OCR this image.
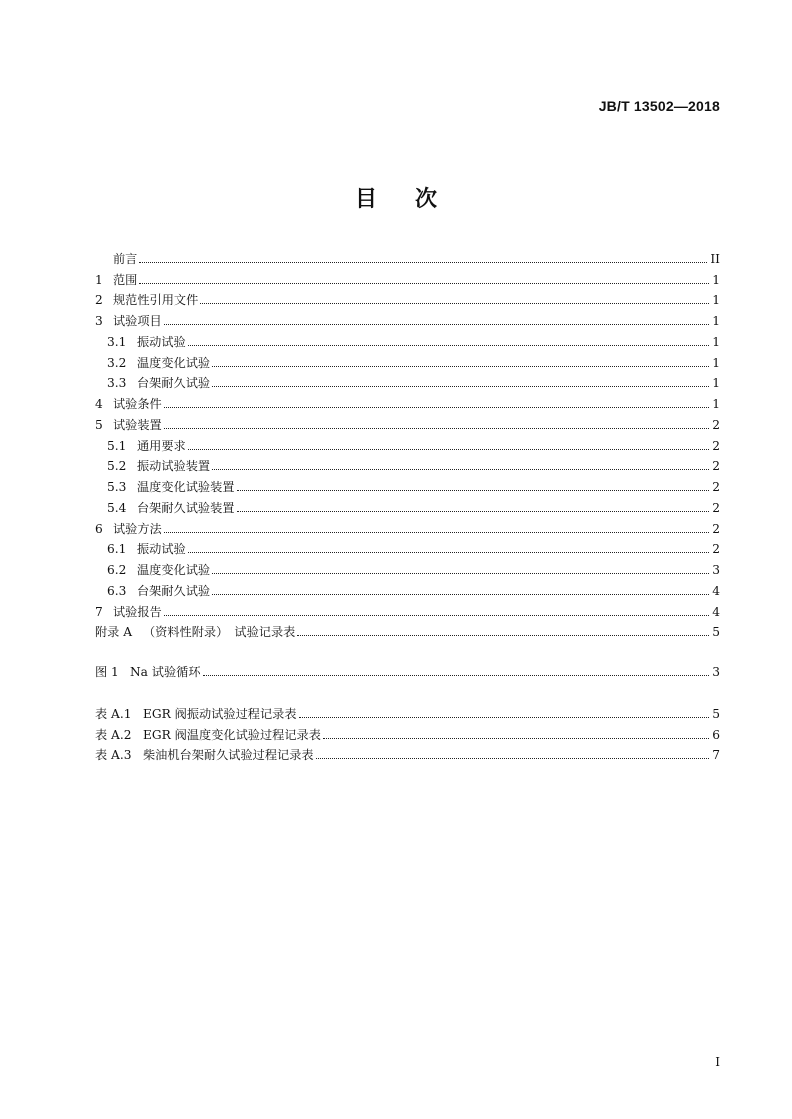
JB/T 13502—2018
目 次
前言	II
1 范围	1
2 规范性引用文件	1
3 试验项目	1
3.1 振动试验	1
3.2 温度变化试验	1
3.3 台架耐久试验	1
4 试验条件	1
5 试验装置	2
5.1 通用要求	2
5.2 振动试验装置	2
5.3 温度变化试验装置	2
5.4 台架耐久试验装置	2
6 试验方法	2
6.1 振动试验	2
6.2 温度变化试验	3
6.3 台架耐久试验	4
7 试验报告	4
附录 A （资料性附录）　试验记录表	5
图 1 Na 试验循环	3
表 A.1 EGR 阀振动试验过程记录表	5
表 A.2 EGR 阀温度变化试验过程记录表	6
表 A.3 柴油机台架耐久试验过程记录表	7
I
